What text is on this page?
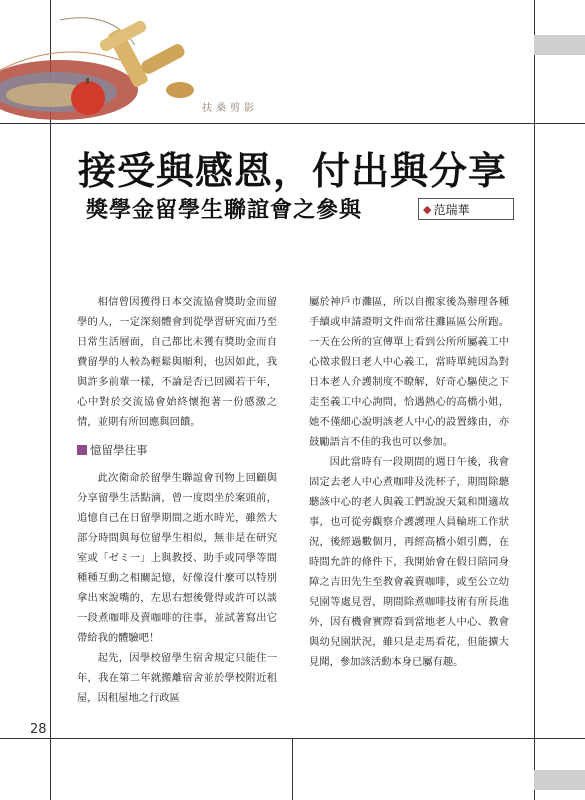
扶桑剪影
接受與感恩，付出與分享
獎學金留學生聯誼會之參與	◆ 范瑞華

相信曾因獲得日本交流協會獎助金而留學的人，一定深刻體會到從學習研究面乃至日常生活層面，自己都比未獲有獎助金而自費留學的人較為輕鬆與順利，也因如此，我與許多前輩一樣，不論是否已回國若干年，心中對於交流協會始終懷抱著一份感激之情，並期有所回應與回饋。

憶留學往事

此次衛命於留學生聯誼會刊物上回顧與分享留學生活點滴，曾一度悶坐於案頭前，追憶自己在日留學期間之逝水時光，雖然大部分時間與每位留學生相似，無非是在研究室或「ゼミ一」上與教授、助手或同學等間種種互動之相關記憶，好像沒什麼可以特別拿出來說嘴的，左思右想後覺得或許可以談一段煮咖啡及賣咖啡的往事，並試著寫出它帶給我的體驗吧！

起先，因學校留學生宿舍規定只能住一年，我在第二年就搬離宿舍並於學校附近租屋，因租屋地之行政區

屬於神戶市灘區，所以自搬家後為辦理各種手續或申請證明文件而常往灘區區公所跑。一天在公所的宣傳單上看到公所所屬義工中心徵求假日老人中心義工，當時單純因為對日本老人介護制度不瞭解，好奇心驅使之下走至義工中心詢問，恰遇熱心的高橋小姐，她不僅細心說明該老人中心的設置緣由，亦鼓勵語言不佳的我也可以參加。

因此當時有一段期間的週日午後，我會固定去老人中心煮咖啡及洗杯子，期間除聽聽該中心的老人與義工們說說天氣和閒適故事，也可從旁觀察介護護理人員輪班工作狀況，後經過數個月，再經高橋小姐引薦，在時間允許的條件下，我開始會在假日陪同身障之吉田先生至教會義賣咖啡，或至公立幼兒園等處見習，期間除煮咖啡技術有所長進外，因有機會實際看到當地老人中心、教會與幼兒園狀況，雖只是走馬看花，但能擴大見聞，參加該活動本身已屬有趣。

28
